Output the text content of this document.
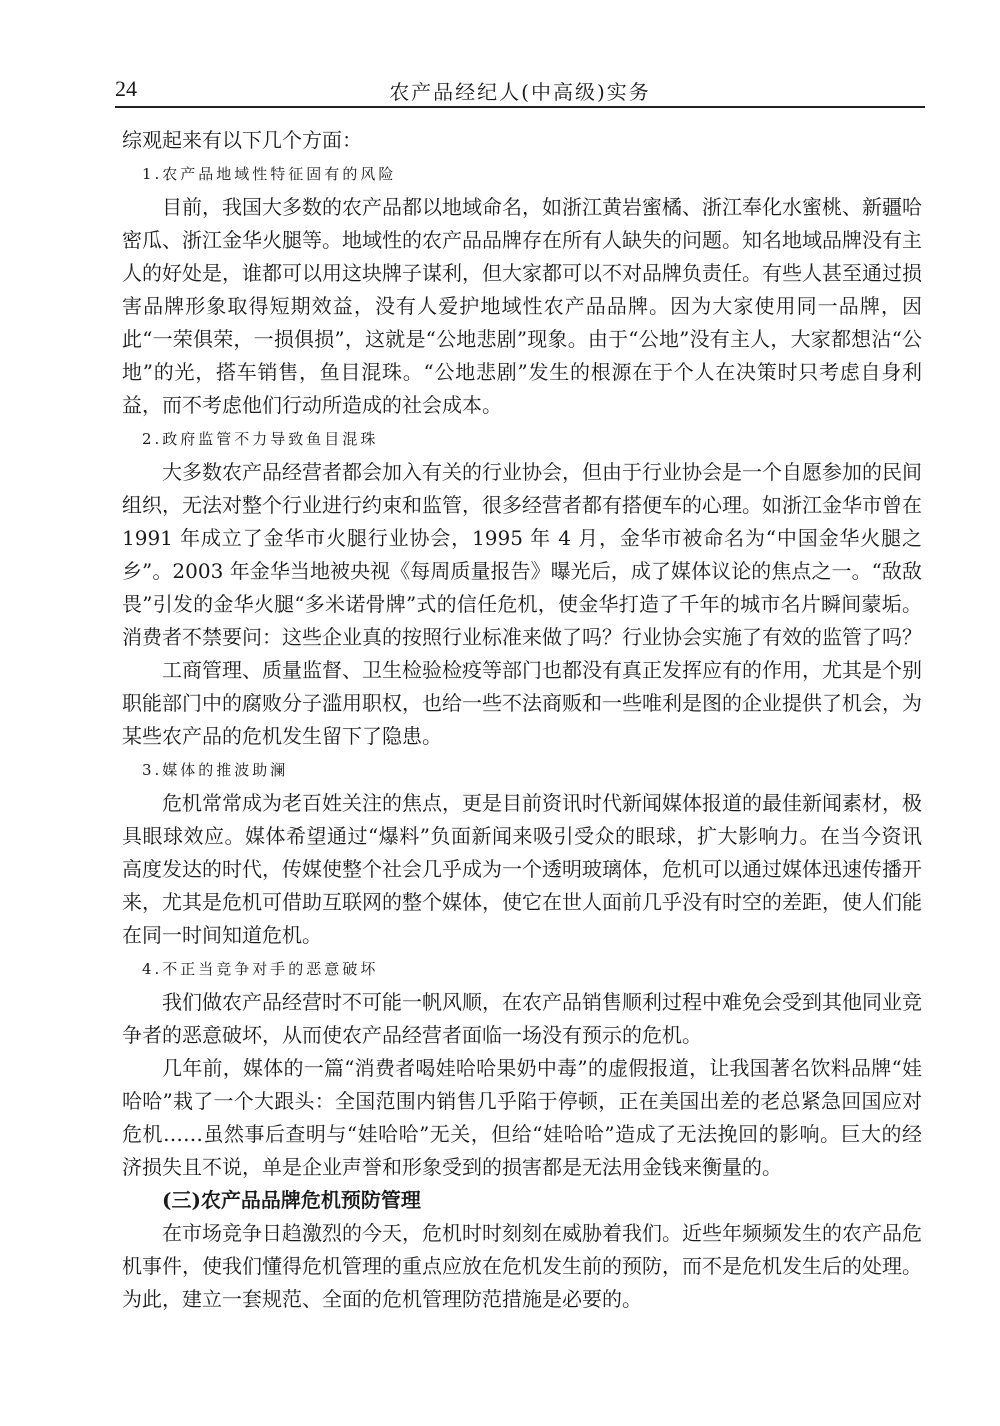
24	农产品经纪人(中高级)实务

综观起来有以下几个方面：

1.农产品地域性特征固有的风险

目前，我国大多数的农产品都以地域命名，如浙江黄岩蜜橘、浙江奉化水蜜桃、新疆哈密瓜、浙江金华火腿等。地域性的农产品品牌存在所有人缺失的问题。知名地域品牌没有主人的好处是，谁都可以用这块牌子谋利，但大家都可以不对品牌负责任。有些人甚至通过损害品牌形象取得短期效益，没有人爱护地域性农产品品牌。因为大家使用同一品牌，因此“一荣俱荣，一损俱损”，这就是“公地悲剧”现象。由于“公地”没有主人，大家都想沾“公地”的光，搭车销售，鱼目混珠。“公地悲剧”发生的根源在于个人在决策时只考虑自身利益，而不考虑他们行动所造成的社会成本。

2.政府监管不力导致鱼目混珠

大多数农产品经营者都会加入有关的行业协会，但由于行业协会是一个自愿参加的民间组织，无法对整个行业进行约束和监管，很多经营者都有搭便车的心理。如浙江金华市曾在 1991 年成立了金华市火腿行业协会，1995 年 4 月，金华市被命名为“中国金华火腿之乡”。2003 年金华当地被央视《每周质量报告》曝光后，成了媒体议论的焦点之一。“敌敌畏”引发的金华火腿“多米诺骨牌”式的信任危机，使金华打造了千年的城市名片瞬间蒙垢。消费者不禁要问：这些企业真的按照行业标准来做了吗？行业协会实施了有效的监管了吗？

工商管理、质量监督、卫生检验检疫等部门也都没有真正发挥应有的作用，尤其是个别职能部门中的腐败分子滥用职权，也给一些不法商贩和一些唯利是图的企业提供了机会，为某些农产品的危机发生留下了隐患。

3.媒体的推波助澜

危机常常成为老百姓关注的焦点，更是目前资讯时代新闻媒体报道的最佳新闻素材，极具眼球效应。媒体希望通过“爆料”负面新闻来吸引受众的眼球，扩大影响力。在当今资讯高度发达的时代，传媒使整个社会几乎成为一个透明玻璃体，危机可以通过媒体迅速传播开来，尤其是危机可借助互联网的整个媒体，使它在世人面前几乎没有时空的差距，使人们能在同一时间知道危机。

4.不正当竞争对手的恶意破坏

我们做农产品经营时不可能一帆风顺，在农产品销售顺利过程中难免会受到其他同业竞争者的恶意破坏，从而使农产品经营者面临一场没有预示的危机。

几年前，媒体的一篇“消费者喝娃哈哈果奶中毒”的虚假报道，让我国著名饮料品牌“娃哈哈”栽了一个大跟头：全国范围内销售几乎陷于停顿，正在美国出差的老总紧急回国应对危机……虽然事后查明与“娃哈哈”无关，但给“娃哈哈”造成了无法挽回的影响。巨大的经济损失且不说，单是企业声誉和形象受到的损害都是无法用金钱来衡量的。

(三)农产品品牌危机预防管理

在市场竞争日趋激烈的今天，危机时时刻刻在威胁着我们。近些年频频发生的农产品危机事件，使我们懂得危机管理的重点应放在危机发生前的预防，而不是危机发生后的处理。为此，建立一套规范、全面的危机管理防范措施是必要的。
